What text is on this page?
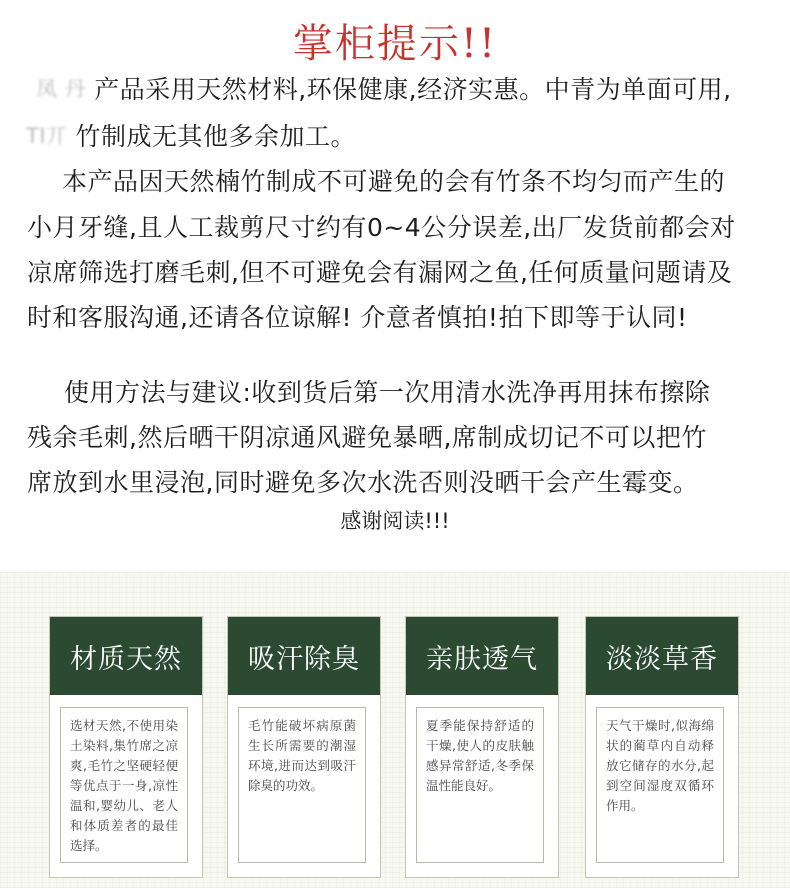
掌柜提示!!
凤 丹 产品采用天然材料,环保健康,经济实惠。中青为单面可用,
TI丌 竹制成无其他多余加工。
本产品因天然楠竹制成不可避免的会有竹条不均匀而产生的
小月牙缝,且人工裁剪尺寸约有0~4公分误差,出厂发货前都会对
凉席筛选打磨毛刺,但不可避免会有漏网之鱼,任何质量问题请及
时和客服沟通,还请各位谅解! 介意者慎拍!拍下即等于认同!
使用方法与建议:收到货后第一次用清水洗净再用抹布擦除
残余毛刺,然后晒干阴凉通风避免暴晒,席制成切记不可以把竹
席放到水里浸泡,同时避免多次水洗否则没晒干会产生霉变。
感谢阅读!!!
材质天然
选材天然,不使用染土染料,集竹席之凉爽,毛竹之坚硬轻便等优点于一身,凉性温和,婴幼儿、老人和体质差者的最佳选择。
吸汗除臭
毛竹能破坏病原菌生长所需要的潮湿环境,进而达到吸汗除臭的功效。
亲肤透气
夏季能保持舒适的干燥,使人的皮肤触感异常舒适,冬季保温性能良好。
淡淡草香
天气干燥时,似海绵状的蔺草内自动释放它储存的水分,起到空间湿度双循环作用。
